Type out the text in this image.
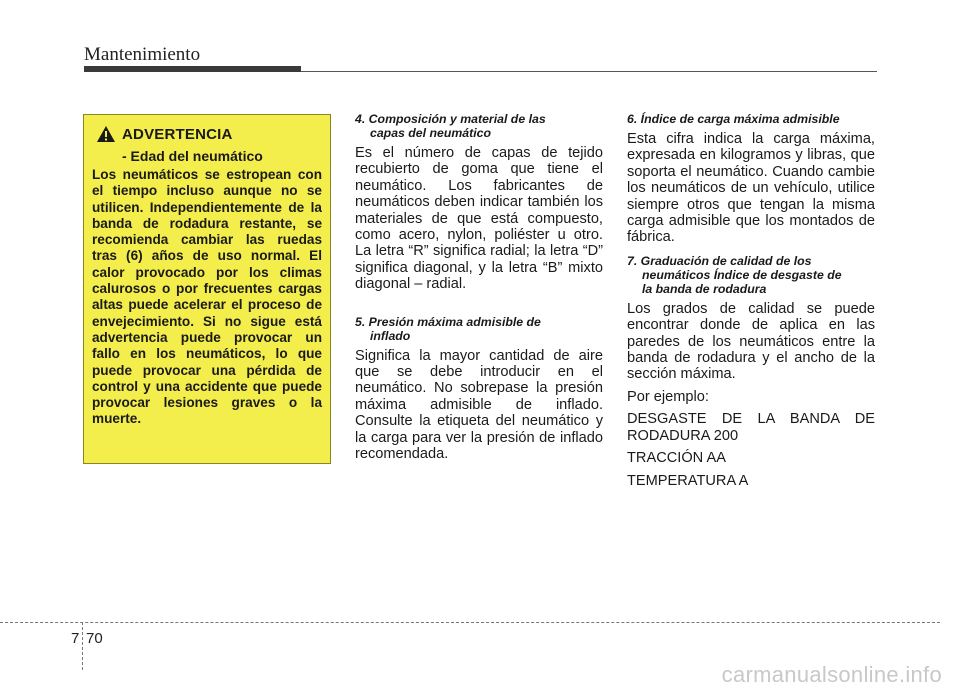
Mantenimiento
ADVERTENCIA
- Edad del neumático

Los neumáticos se estropean con el tiempo incluso aunque no se utilicen. Independientemente de la banda de rodadura restante, se recomienda cambiar las ruedas tras (6) años de uso normal. El calor provocado por los climas calurosos o por frecuentes cargas altas puede acelerar el proceso de envejecimiento. Si no sigue está advertencia puede provocar un fallo en los neumáticos, lo que puede provocar una pérdida de control y una accidente que puede provocar lesiones graves o la muerte.

4. Composición y material de las
capas del neumático

Es el número de capas de tejido recubierto de goma que tiene el neumático. Los fabricantes de neumáticos deben indicar también los materiales de que está compuesto, como acero, nylon, poliéster u otro. La letra “R” significa radial; la letra “D” significa diagonal, y la letra “B” mixto diagonal – radial.

5. Presión máxima admisible de
inflado

Significa la mayor cantidad de aire que se debe introducir en el neumático. No sobrepase la presión máxima admisible de inflado. Consulte la etiqueta del neumático y la carga para ver la presión de inflado recomendada.

6. Índice de carga máxima admisible

Esta cifra indica la carga máxima, expresada en kilogramos y libras, que soporta el neumático. Cuando cambie los neumáticos de un vehículo, utilice siempre otros que tengan la misma carga admisible que los montados de fábrica.

7. Graduación de calidad de los
neumáticos Índice de desgaste de
la banda de rodadura

Los grados de calidad se puede encontrar donde de aplica en las paredes de los neumáticos entre la banda de rodadura y el ancho de la sección máxima.

Por ejemplo:

DESGASTE DE LA BANDA DE RODADURA 200

TRACCIÓN AA

TEMPERATURA A

7 70
carmanualsonline.info
